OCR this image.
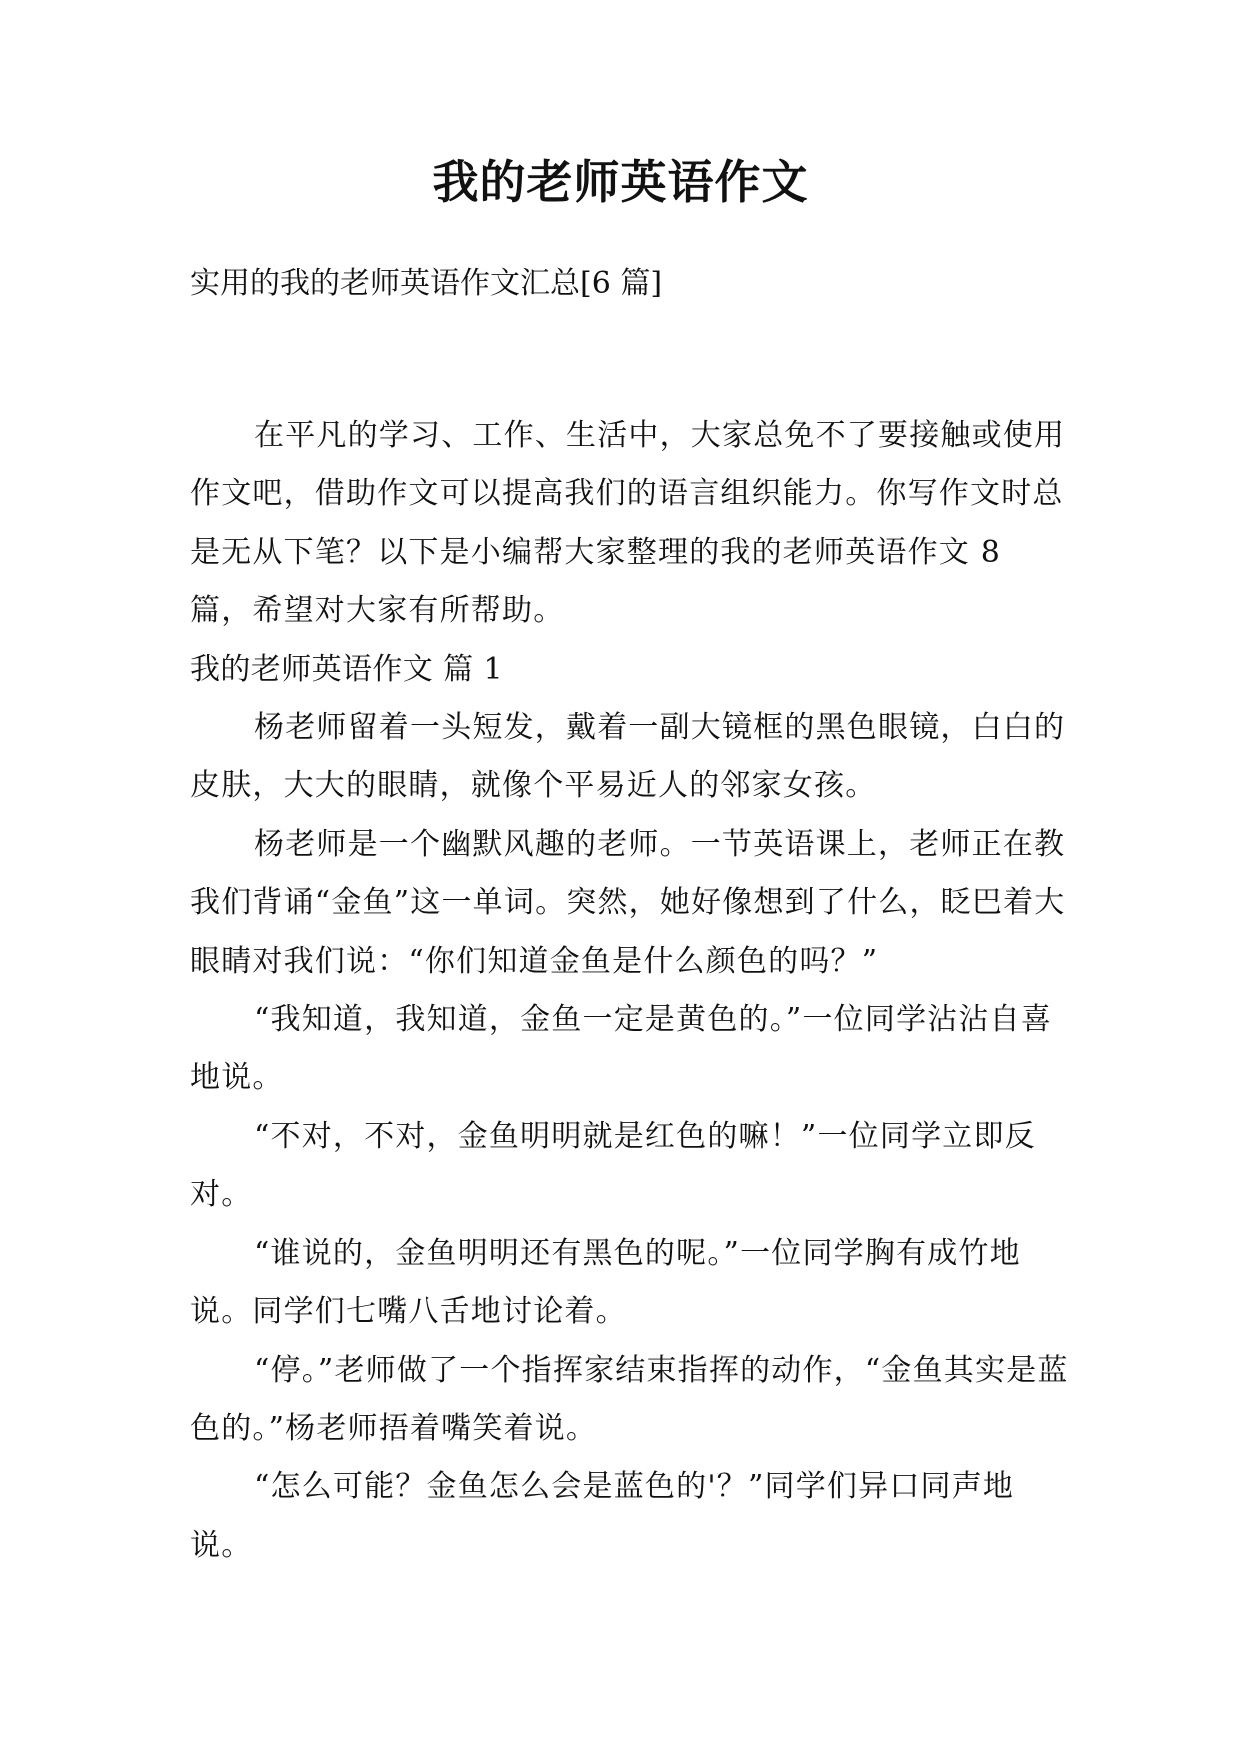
我的老师英语作文

实用的我的老师英语作文汇总[6 篇]

在平凡的学习、工作、生活中，大家总免不了要接触或使用作文吧，借助作文可以提高我们的语言组织能力。你写作文时总是无从下笔？以下是小编帮大家整理的我的老师英语作文 8 篇，希望对大家有所帮助。

我的老师英语作文 篇 1

杨老师留着一头短发，戴着一副大镜框的黑色眼镜，白白的皮肤，大大的眼睛，就像个平易近人的邻家女孩。

杨老师是一个幽默风趣的老师。一节英语课上，老师正在教我们背诵“金鱼”这一单词。突然，她好像想到了什么，眨巴着大眼睛对我们说：“你们知道金鱼是什么颜色的吗？”

“我知道，我知道，金鱼一定是黄色的。”一位同学沾沾自喜地说。

“不对，不对，金鱼明明就是红色的嘛！”一位同学立即反对。

“谁说的，金鱼明明还有黑色的呢。”一位同学胸有成竹地说。同学们七嘴八舌地讨论着。

“停。”老师做了一个指挥家结束指挥的动作，“金鱼其实是蓝色的。”杨老师捂着嘴笑着说。

“怎么可能？金鱼怎么会是蓝色的'？”同学们异口同声地说。
